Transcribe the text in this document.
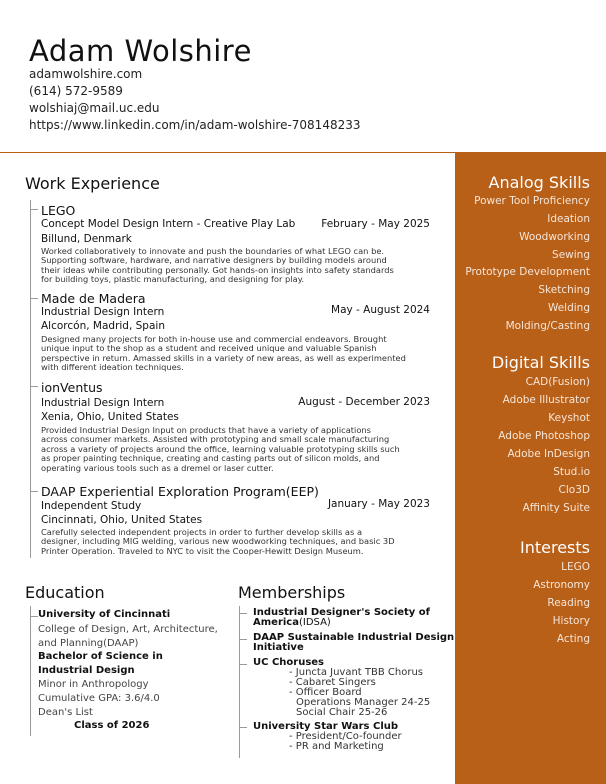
Adam Wolshire
adamwolshire.com
(614) 572-9589
wolshiaj@mail.uc.edu
https://www.linkedin.com/in/adam-wolshire-708148233
Analog Skills
Power Tool Proficiency
Ideation
Woodworking
Sewing
Prototype Development
Sketching
Welding
Molding/Casting
Digital Skills
CAD(Fusion)
Adobe Illustrator
Keyshot
Adobe Photoshop
Adobe InDesign
Stud.io
Clo3D
Affinity Suite
Interests
LEGO
Astronomy
Reading
History
Acting
Work Experience
LEGO
Concept Model Design Intern - Creative Play Lab February - May 2025
Billund, Denmark
Worked collaboratively to innovate and push the boundaries of what LEGO can be.
Supporting software, hardware, and narrative designers by building models around
their ideas while contributing personally. Got hands-on insights into safety standards
for building toys, plastic manufacturing, and designing for play.
Made de Madera
Industrial Design Intern	May - August 2024
Alcorcón, Madrid, Spain
Designed many projects for both in-house use and commercial endeavors. Brought
unique input to the shop as a student and received unique and valuable Spanish
perspective in return. Amassed skills in a variety of new areas, as well as experimented
with different ideation techniques.
ionVentus
Industrial Design Intern	August - December 2023
Xenia, Ohio, United States
Provided Industrial Design Input on products that have a variety of applications
across consumer markets. Assisted with prototyping and small scale manufacturing
across a variety of projects around the office, learning valuable prototyping skills such
as proper painting technique, creating and casting parts out of silicon molds, and
operating various tools such as a dremel or laser cutter.
DAAP Experiential Exploration Program(EEP)
Independent Study	January - May 2023
Cincinnati, Ohio, United States
Carefully selected independent projects in order to further develop skills as a
designer, including MIG welding, various new woodworking techniques, and basic 3D
Printer Operation. Traveled to NYC to visit the Cooper-Hewitt Design Museum.
Education
University of Cincinnati
College of Design, Art, Architecture,
and Planning(DAAP)
Bachelor of Science in
Industrial Design
Minor in Anthropology
Cumulative GPA: 3.6/4.0
Dean's List
Class of 2026
Memberships
Industrial Designer's Society of
America(IDSA)
DAAP Sustainable Industrial Design
Initiative
UC Choruses
- Juncta Juvant TBB Chorus
- Cabaret Singers
- Officer Board
Operations Manager 24-25
Social Chair 25-26
University Star Wars Club
- President/Co-founder
- PR and Marketing
